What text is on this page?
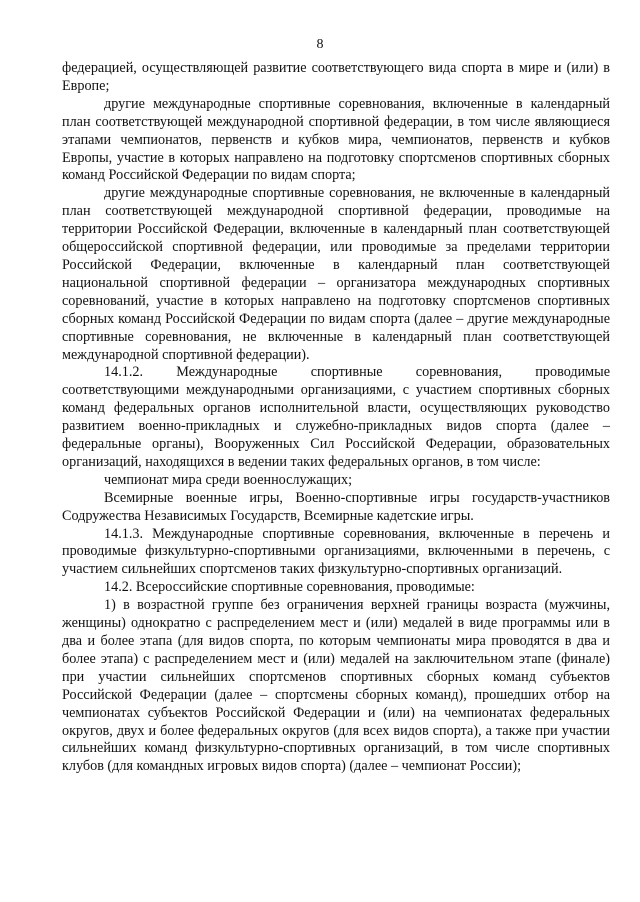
8

федерацией, осуществляющей развитие соответствующего вида спорта в мире и (или) в Европе;

другие международные спортивные соревнования, включенные в календарный план соответствующей международной спортивной федерации, в том числе являющиеся этапами чемпионатов, первенств и кубков мира, чемпионатов, первенств и кубков Европы, участие в которых направлено на подготовку спортсменов спортивных сборных команд Российской Федерации по видам спорта;

другие международные спортивные соревнования, не включенные в календарный план соответствующей международной спортивной федерации, проводимые на территории Российской Федерации, включенные в календарный план соответствующей общероссийской спортивной федерации, или проводимые за пределами территории Российской Федерации, включенные в календарный план соответствующей национальной спортивной федерации – организатора международных спортивных соревнований, участие в которых направлено на подготовку спортсменов спортивных сборных команд Российской Федерации по видам спорта (далее – другие международные спортивные соревнования, не включенные в календарный план соответствующей международной спортивной федерации).

14.1.2. Международные спортивные соревнования, проводимые соответствующими международными организациями, с участием спортивных сборных команд федеральных органов исполнительной власти, осуществляющих руководство развитием военно-прикладных и служебно-прикладных видов спорта (далее – федеральные органы), Вооруженных Сил Российской Федерации, образовательных организаций, находящихся в ведении таких федеральных органов, в том числе:

чемпионат мира среди военнослужащих;

Всемирные военные игры, Военно-спортивные игры государств-участников Содружества Независимых Государств, Всемирные кадетские игры.

14.1.3. Международные спортивные соревнования, включенные в перечень и проводимые физкультурно-спортивными организациями, включенными в перечень, с участием сильнейших спортсменов таких физкультурно-спортивных организаций.

14.2. Всероссийские спортивные соревнования, проводимые:

1) в возрастной группе без ограничения верхней границы возраста (мужчины, женщины) однократно с распределением мест и (или) медалей в виде программы или в два и более этапа (для видов спорта, по которым чемпионаты мира проводятся в два и более этапа) с распределением мест и (или) медалей на заключительном этапе (финале) при участии сильнейших спортсменов спортивных сборных команд субъектов Российской Федерации (далее – спортсмены сборных команд), прошедших отбор на чемпионатах субъектов Российской Федерации и (или) на чемпионатах федеральных округов, двух и более федеральных округов (для всех видов спорта), а также при участии сильнейших команд физкультурно-спортивных организаций, в том числе спортивных клубов (для командных игровых видов спорта) (далее – чемпионат России);
